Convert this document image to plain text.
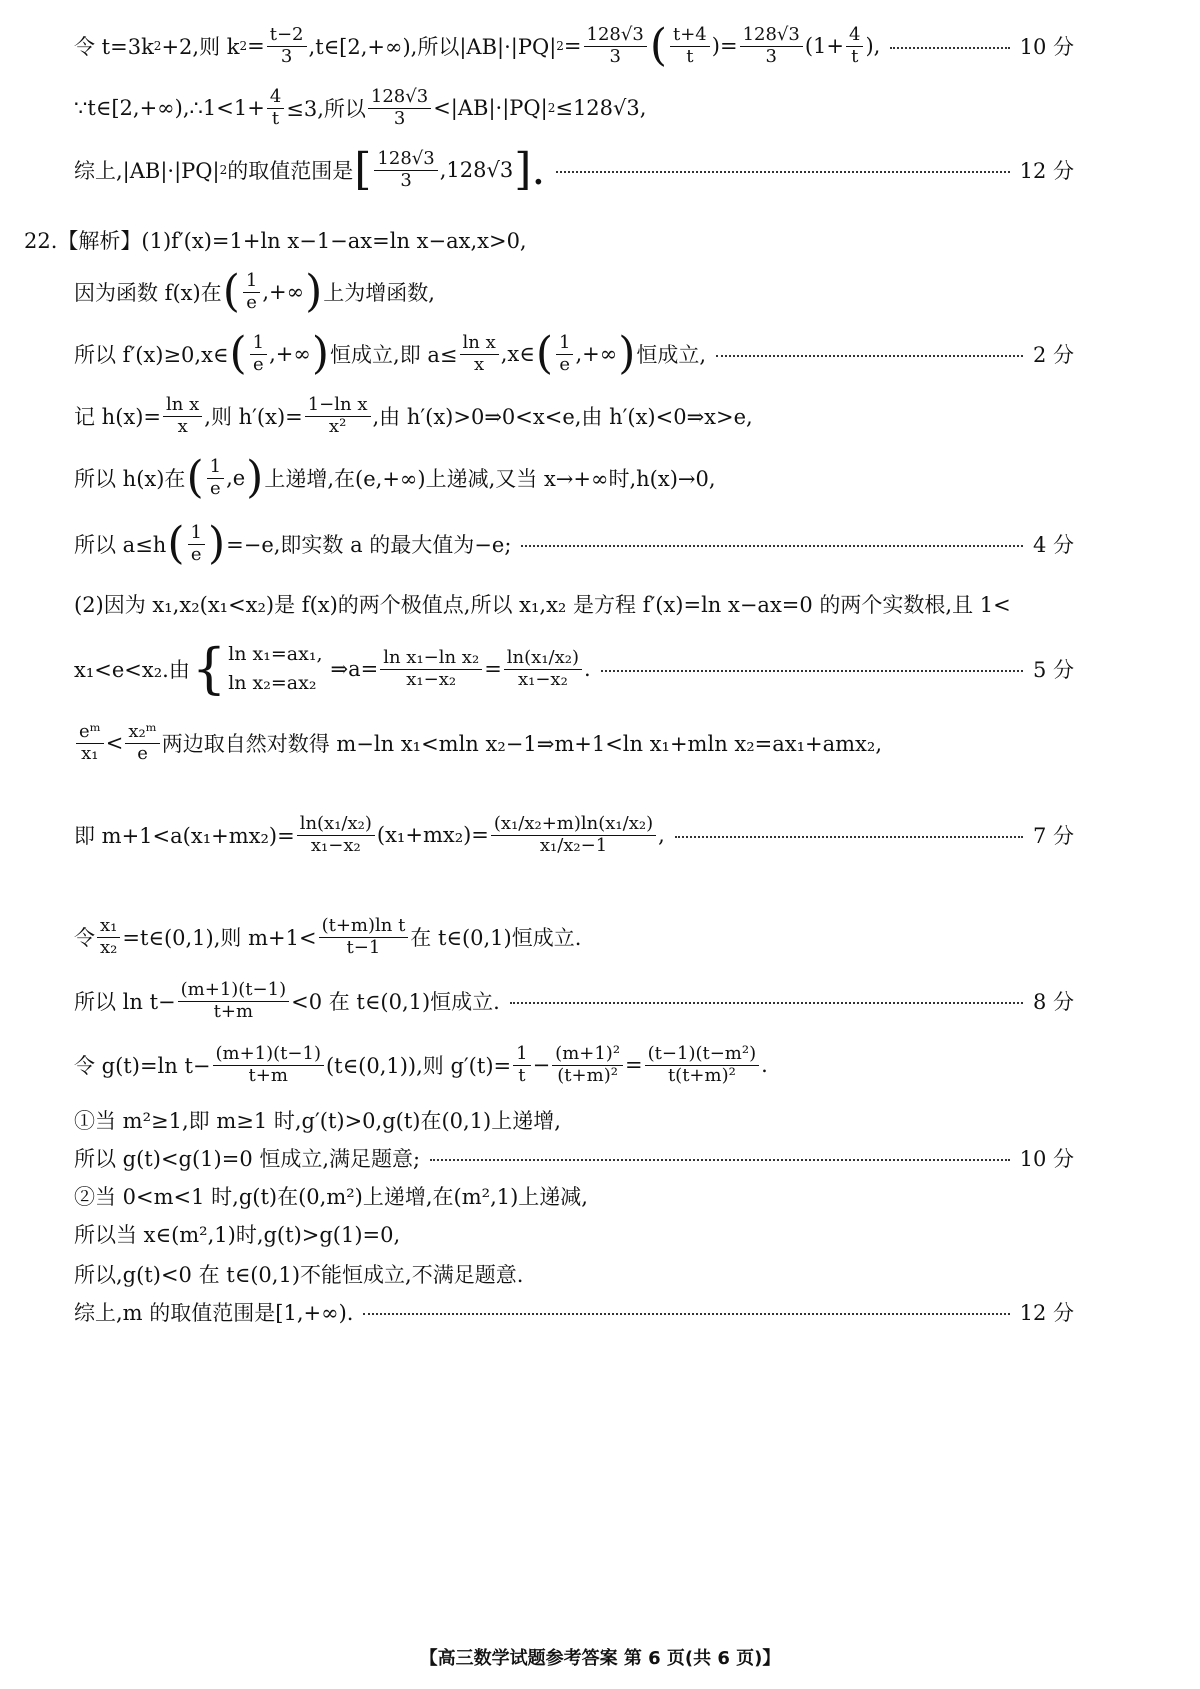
令 t=3k 2 +2,则 k $2 = \frac{t-2}{3}$ ,t∈[2,+∞),所以|AB|·|PQ| $2 = \frac{128√3}{3}$ ( $\frac{t+4}{t}$ )= $\frac{128√3}{3} (1+ \frac{4}{t}$ ),	10 分
∵t∈[2,+∞),∴1<1+ $\frac{4}{t} \le 3$,所以 $\frac{128√3}{3} <|AB|\cdot|PQ|$ 2 ≤128√3,
综上,|AB|·|PQ| 2 的取值范围是 [ $\frac{128√3}{3} ,128√3$ ].	12 分
22.【解析】(1)f′(x)=1+ln x−1−ax=ln x−ax,x>0,
因为函数 f(x)在 ( $\frac{1}{e}$ ,+∞ ) 上为增函数,
所以 f′(x)≥0,x∈ ( $\frac{1}{e}$ ,+∞ ) 恒成立,即 $a\le \frac{\text{ln x}}{x}$ ,x∈ ( $\frac{1}{e}$ ,+∞ ) 恒成立,	2 分
记 $h(x)= \frac{\text{ln x}}{x}$ ,则 $h'(x)= \frac{\text{1−ln x}}{\text{x²}}$ ,由 h′(x)>0⇒0<x<e,由 h′(x)<0⇒x>e,
所以 h(x)在 ( $\frac{1}{e} ,e$ ) 上递增,在(e,+∞)上递减,又当 x→+∞时,h(x)→0,
所以 a≤h ( $\frac{1}{e}$ ) =−e,即实数 a 的最大值为−e;	4 分
(2)因为 x₁,x₂(x₁<x₂)是 f(x)的两个极值点,所以 x₁,x₂ 是方程 f′(x)=ln x−ax=0 的两个实数根,且 1<
x₁<e<x₂.由 { ln x₁=ax₁,
ln x₂=ax₂
⇒a= $\frac{\text{ln x₁−ln x₂}}{\text{x₁−x₂}} = \frac{\text{ln(x₁/x₂)}}{\text{x₁−x₂}}$ .	5 分
$\frac{\text{eᵐ}}{\text{x₁}} < \frac{\text{x₂ᵐ}}{e}$ 两边取自然对数得 m−ln x₁<mln x₂−1⇒m+1<ln x₁+mln x₂=ax₁+amx₂,
即 $m+1<a(x_1+mx_2)= \frac{\text{ln(x₁/x₂)}}{\text{x₁−x₂}} (x_1+mx_2)= \frac{\text{(x₁/x₂+m)ln(x₁/x₂)}}{\text{x₁/x₂−1}}$ ,	7 分
令 $\frac{\text{x₁}}{\text{x₂}}$ =t∈(0,1),则 $m+1< \frac{\text{(t+m)ln t}}{t-1}$ 在 t∈(0,1)恒成立.
所以 $\ln t- \frac{(m+1)(t-1)}{t+m} <0$ 在 t∈(0,1)恒成立.	8 分
令 g(t)=ln $t- \frac{(m+1)(t-1)}{t+m}$ (t∈(0,1)),则 $g'(t)= \frac{1}{t} - \frac{\text{(m+1)²}}{\text{(t+m)²}} = \frac{\text{(t−1)(t−m²)}}{\text{t(t+m)²}}$ .
①当 m²≥1,即 m≥1 时,g′(t)>0,g(t)在(0,1)上递增,
所以 g(t)<g(1)=0 恒成立,满足题意;	10 分
②当 0<m<1 时,g(t)在(0,m²)上递增,在(m²,1)上递减,
所以当 x∈(m²,1)时,g(t)>g(1)=0,
所以,g(t)<0 在 t∈(0,1)不能恒成立,不满足题意.
综上,m 的取值范围是[1,+∞).	12 分
【高三数学试题参考答案 第 6 页(共 6 页)】
